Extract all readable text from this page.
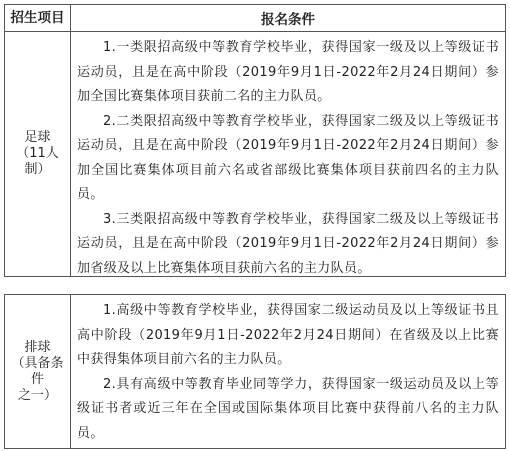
招生项目	报名条件
足球
（11人
制）

1.一类限招高级中等教育学校毕业，获得国家一级及以上等级证书运动员，且是在高中阶段（2019年9月1日-2022年2月24日期间）参加全国比赛集体项目获前二名的主力队员。

2.二类限招高级中等教育学校毕业，获得国家二级及以上等级证书运动员，且是在高中阶段（2019年9月1日-2022年2月24日期间）参加全国比赛集体项目前六名或省部级比赛集体项目获前四名的主力队员。

3.三类限招高级中等教育学校毕业，获得国家二级及以上等级证书运动员，且是在高中阶段（2019年9月1日-2022年2月24日期间）参加省级及以上比赛集体项目获前六名的主力队员。

排球
（具备条
件
之一）

1.高级中等教育学校毕业，获得国家二级运动员及以上等级证书且高中阶段（2019年9月1日-2022年2月24日期间）在省级及以上比赛中获得集体项目前六名的主力队员。

2.具有高级中等教育毕业同等学力，获得国家一级运动员及以上等级证书者或近三年在全国或国际集体项目比赛中获得前八名的主力队员。
